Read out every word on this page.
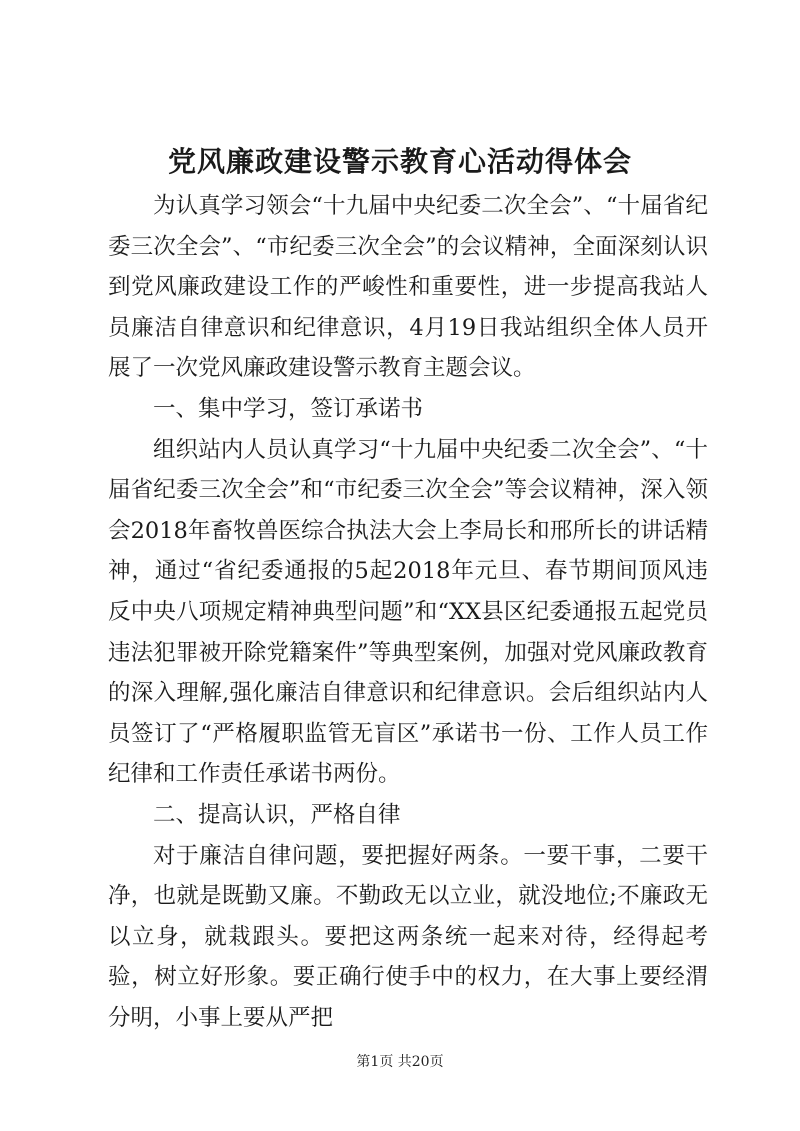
党风廉政建设警示教育心活动得体会

为认真学习领会“十九届中央纪委二次全会”、“十届省纪委三次全会”、“市纪委三次全会”的会议精神，全面深刻认识到党风廉政建设工作的严峻性和重要性，进一步提高我站人员廉洁自律意识和纪律意识，4月19日我站组织全体人员开展了一次党风廉政建设警示教育主题会议。

一、集中学习，签订承诺书

组织站内人员认真学习“十九届中央纪委二次全会”、“十届省纪委三次全会”和“市纪委三次全会”等会议精神，深入领会2018年畜牧兽医综合执法大会上李局长和邢所长的讲话精神，通过“省纪委通报的5起2018年元旦、春节期间顶风违反中央八项规定精神典型问题”和“XX县区纪委通报五起党员违法犯罪被开除党籍案件”等典型案例，加强对党风廉政教育的深入理解,强化廉洁自律意识和纪律意识。会后组织站内人员签订了“严格履职监管无盲区”承诺书一份、工作人员工作纪律和工作责任承诺书两份。

二、提高认识，严格自律

对于廉洁自律问题，要把握好两条。一要干事，二要干净，也就是既勤又廉。不勤政无以立业，就没地位;不廉政无以立身，就栽跟头。要把这两条统一起来对待，经得起考验，树立好形象。要正确行使手中的权力，在大事上要经渭分明，小事上要从严把

第1页 共20页
